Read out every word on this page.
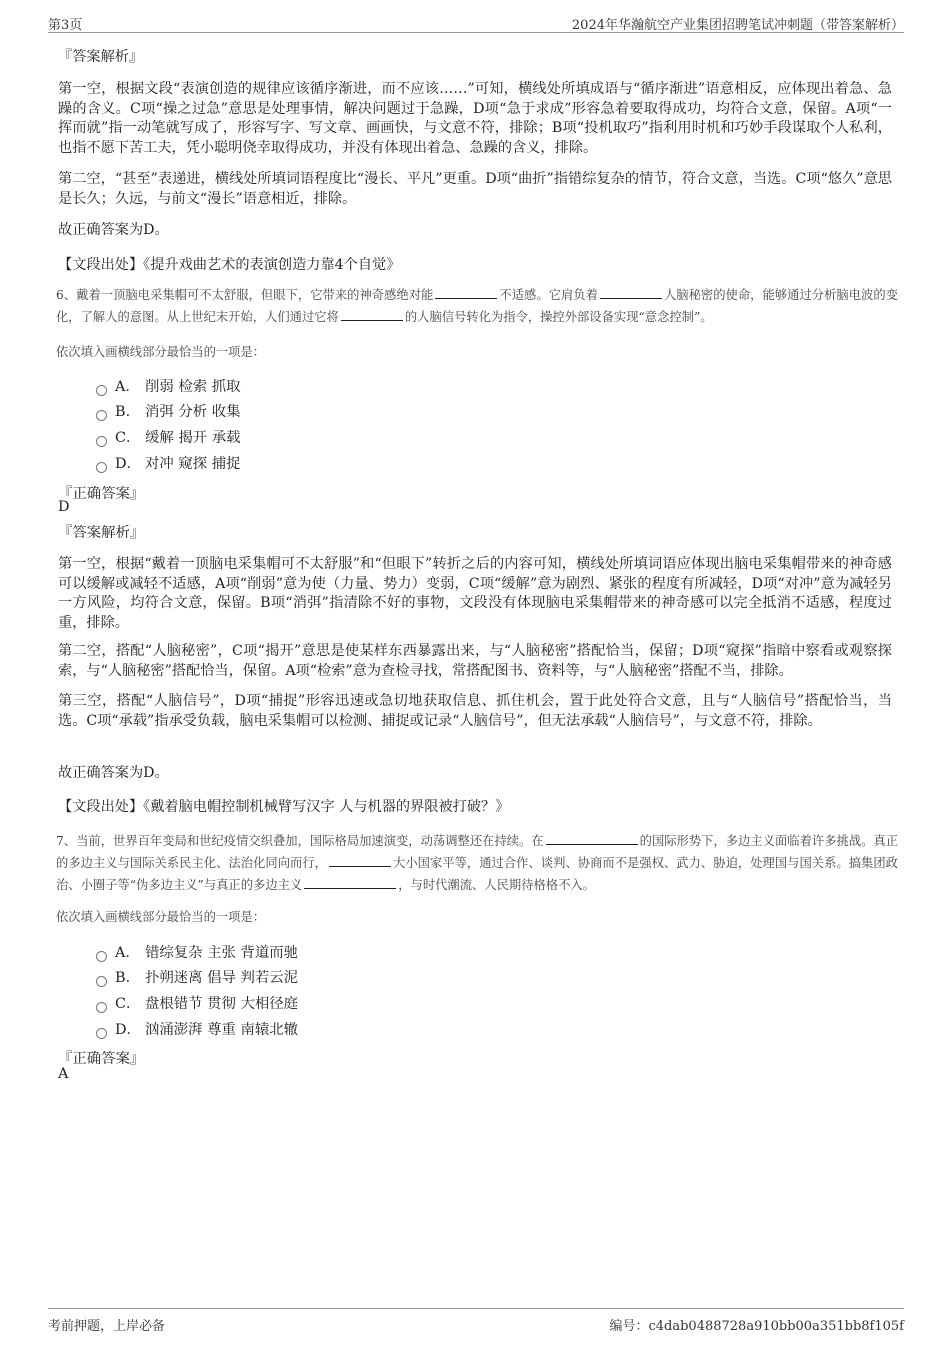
第3页	2024年华瀚航空产业集团招聘笔试冲刺题（带答案解析）
『答案解析』
第一空，根据文段“表演创造的规律应该循序渐进，而不应该……”可知，横线处所填成语与“循序渐进”语意相反，应体现出着急、急躁的含义。C项“操之过急”意思是处理事情，解决问题过于急躁，D项“急于求成”形容急着要取得成功，均符合文意，保留。A项“一挥而就”指一动笔就写成了，形容写字、写文章、画画快，与文意不符，排除；B项“投机取巧”指利用时机和巧妙手段谋取个人私利，也指不愿下苦工夫，凭小聪明侥幸取得成功，并没有体现出着急、急躁的含义，排除。
第二空，“甚至”表递进，横线处所填词语程度比“漫长、平凡”更重。D项“曲折”指错综复杂的情节，符合文意，当选。C项“悠久”意思是长久；久远，与前文“漫长”语意相近，排除。
故正确答案为D。
【文段出处】《提升戏曲艺术的表演创造力靠4个自觉》
6、戴着一顶脑电采集帽可不太舒服，但眼下，它带来的神奇感绝对能	不适感。它肩负着	人脑秘密的使命，能够通过分析脑电波的变化，了解人的意图。从上世纪末开始，人们通过它将	的人脑信号转化为指令，操控外部设备实现“意念控制”。
依次填入画横线部分最恰当的一项是：
A． 削弱 检索 抓取
B． 消弭 分析 收集
C． 缓解 揭开 承载
D． 对冲 窥探 捕捉
『正确答案』
D
『答案解析』
第一空，根据“戴着一顶脑电采集帽可不太舒服”和“但眼下”转折之后的内容可知，横线处所填词语应体现出脑电采集帽带来的神奇感可以缓解或减轻不适感，A项“削弱”意为使（力量、势力）变弱，C项“缓解”意为剧烈、紧张的程度有所减轻，D项“对冲”意为减轻另一方风险，均符合文意，保留。B项“消弭”指清除不好的事物，文段没有体现脑电采集帽带来的神奇感可以完全抵消不适感，程度过重，排除。
第二空，搭配“人脑秘密”，C项“揭开”意思是使某样东西暴露出来，与“人脑秘密”搭配恰当，保留；D项“窥探”指暗中察看或观察探索，与“人脑秘密”搭配恰当，保留。A项“检索”意为查检寻找，常搭配图书、资料等，与“人脑秘密”搭配不当，排除。
第三空，搭配“人脑信号”，D项“捕捉”形容迅速或急切地获取信息、抓住机会，置于此处符合文意，且与“人脑信号”搭配恰当，当选。C项“承载”指承受负载，脑电采集帽可以检测、捕捉或记录“人脑信号”，但无法承载“人脑信号”，与文意不符，排除。
故正确答案为D。
【文段出处】《戴着脑电帽控制机械臂写汉字 人与机器的界限被打破？》
7、当前，世界百年变局和世纪疫情交织叠加，国际格局加速演变，动荡调整还在持续。在	的国际形势下，多边主义面临着许多挑战。真正的多边主义与国际关系民主化、法治化同向而行，	大小国家平等，通过合作、谈判、协商而不是强权、武力、胁迫，处理国与国关系。搞集团政治、小圈子等“伪多边主义”与真正的多边主义	，与时代潮流、人民期待格格不入。
依次填入画横线部分最恰当的一项是：
A． 错综复杂 主张 背道而驰
B． 扑朔迷离 倡导 判若云泥
C． 盘根错节 贯彻 大相径庭
D． 汹涌澎湃 尊重 南辕北辙
『正确答案』
A
考前押题，上岸必备	编号：c4dab0488728a910bb00a351bb8f105f
